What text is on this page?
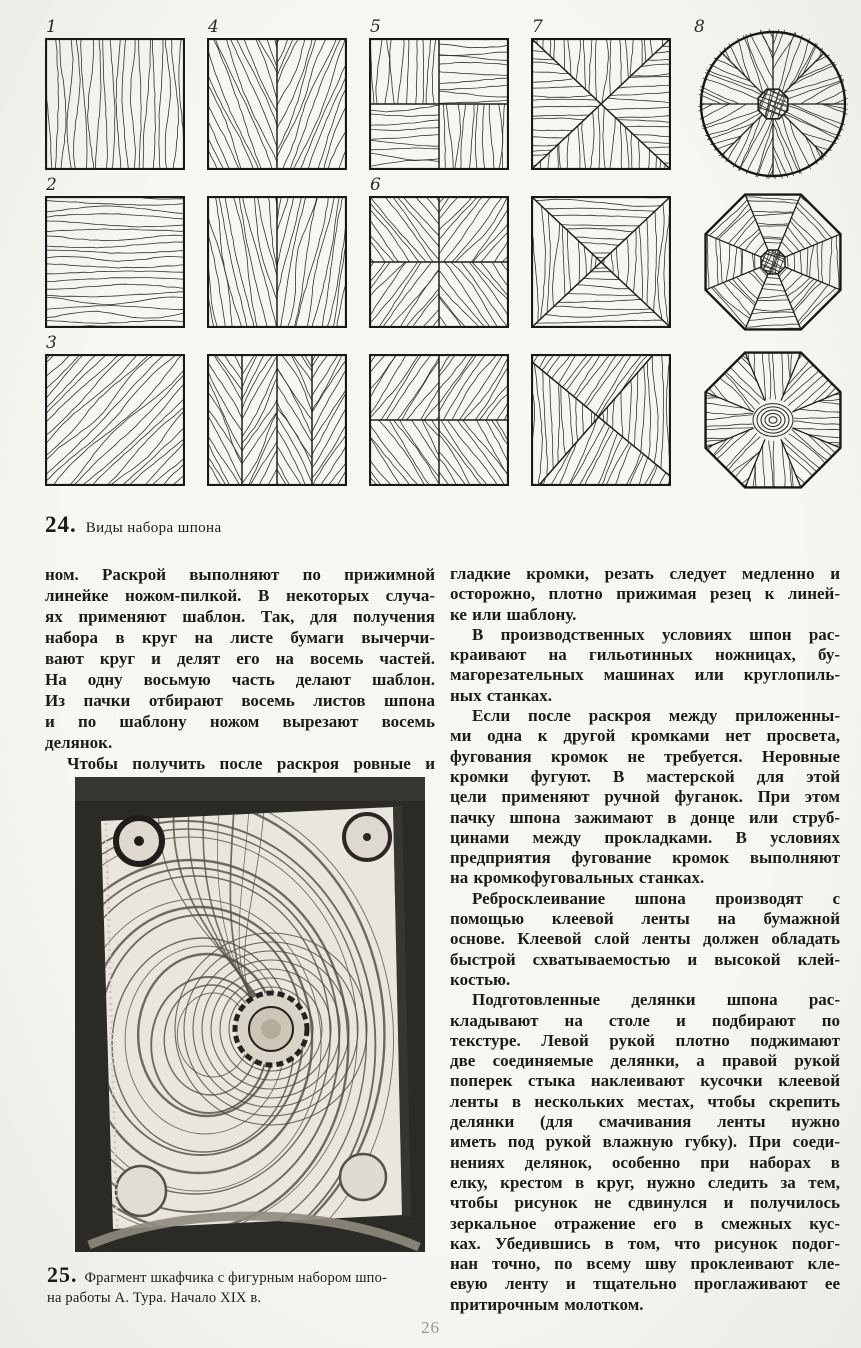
1	4	5	7	8
2	6
3
24. Виды набора шпона
ном. Раскрой выполняют по прижимной
линейке ножом-пилкой. В некоторых случа-
ях применяют шаблон. Так, для получения
набора в круг на листе бумаги вычерчи-
вают круг и делят его на восемь частей.
На одну восьмую часть делают шаблон.
Из пачки отбирают восемь листов шпона
и по шаблону ножом вырезают восемь
делянок.
Чтобы получить после раскроя ровные и
25. Фрагмент шкафчика с фигурным набором шпо-
на работы А. Тура. Начало XIX в.
гладкие кромки, резать следует медленно и
осторожно, плотно прижимая резец к линей-
ке или шаблону.
В производственных условиях шпон рас-
краивают на гильотинных ножницах, бу-
магорезательных машинах или круглопиль-
ных станках.
Если после раскроя между приложенны-
ми одна к другой кромками нет просвета,
фугования кромок не требуется. Неровные
кромки фугуют. В мастерской для этой
цели применяют ручной фуганок. При этом
пачку шпона зажимают в донце или струб-
цинами между прокладками. В условиях
предприятия фугование кромок выполняют
на кромкофуговальных станках.
Ребросклеивание шпона производят с
помощью клеевой ленты на бумажной
основе. Клеевой слой ленты должен обладать
быстрой схватываемостью и высокой клей-
костью.
Подготовленные делянки шпона рас-
кладывают на столе и подбирают по
текстуре. Левой рукой плотно поджимают
две соединяемые делянки, а правой рукой
поперек стыка наклеивают кусочки клеевой
ленты в нескольких местах, чтобы скрепить
делянки (для смачивания ленты нужно
иметь под рукой влажную губку). При соеди-
нениях делянок, особенно при наборах в
елку, крестом в круг, нужно следить за тем,
чтобы рисунок не сдвинулся и получилось
зеркальное отражение его в смежных кус-
ках. Убедившись в том, что рисунок подог-
нан точно, по всему шву проклеивают кле-
евую ленту и тщательно проглаживают ее
притирочным молотком.
26
